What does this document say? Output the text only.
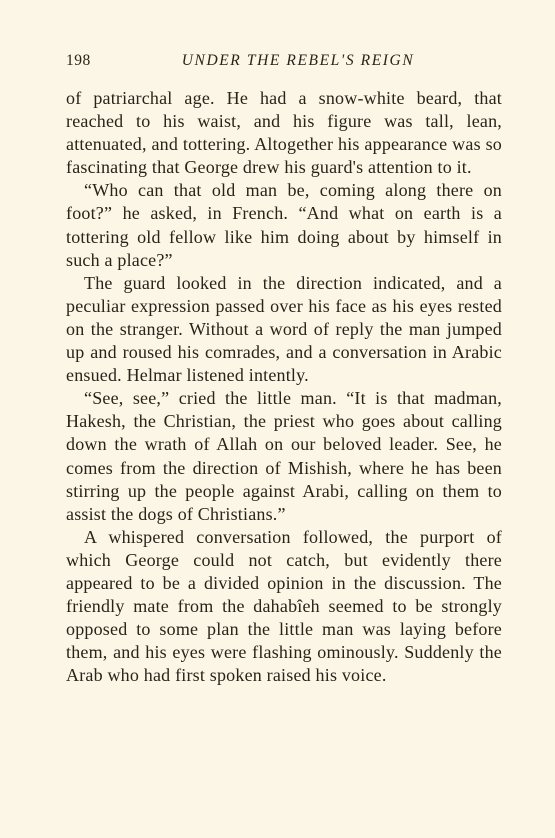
198	UNDER THE REBEL'S REIGN

of patriarchal age. He had a snow-white beard, that reached to his waist, and his figure was tall, lean, attenuated, and tottering. Altogether his appearance was so fascinating that George drew his guard's attention to it.

“Who can that old man be, coming along there on foot?” he asked, in French. “And what on earth is a tottering old fellow like him doing about by himself in such a place?”

The guard looked in the direction indicated, and a peculiar expression passed over his face as his eyes rested on the stranger. Without a word of reply the man jumped up and roused his comrades, and a conversation in Arabic ensued. Helmar listened intently.

“See, see,” cried the little man. “It is that madman, Hakesh, the Christian, the priest who goes about calling down the wrath of Allah on our beloved leader. See, he comes from the direction of Mishish, where he has been stirring up the people against Arabi, calling on them to assist the dogs of Christians.”

A whispered conversation followed, the purport of which George could not catch, but evidently there appeared to be a divided opinion in the discussion. The friendly mate from the dahabîeh seemed to be strongly opposed to some plan the little man was laying before them, and his eyes were flashing ominously. Suddenly the Arab who had first spoken raised his voice.
